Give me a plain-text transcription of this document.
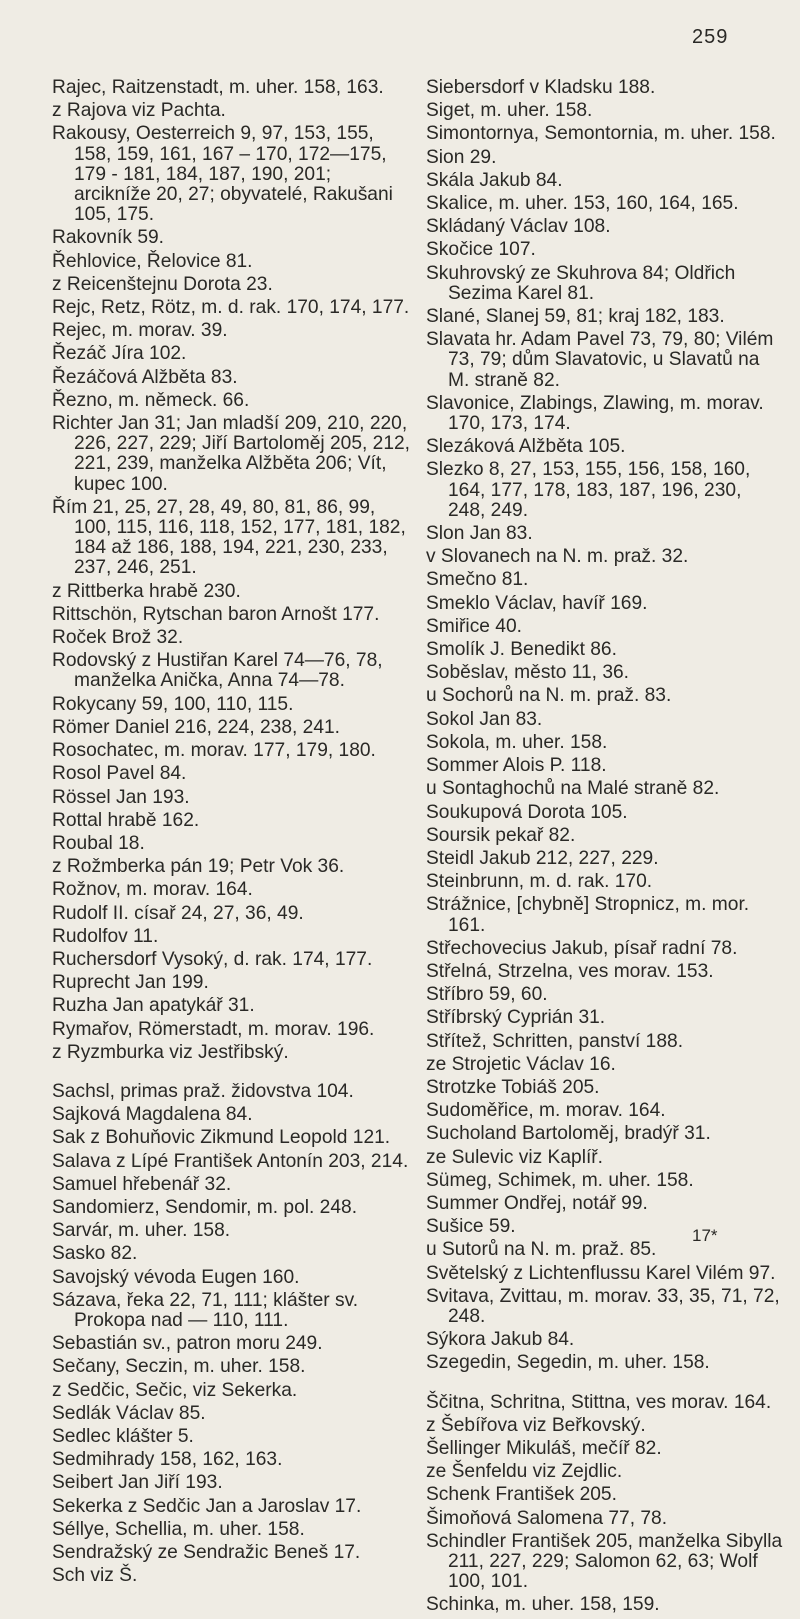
259

Rajec, Raitzenstadt, m. uher. 158, 163.

z Rajova viz Pachta.

Rakousy, Oesterreich 9, 97, 153, 155, 158, 159, 161, 167 – 170, 172—175, 179 - 181, 184, 187, 190, 201; arcikníže 20, 27; obyvatelé, Rakušani 105, 175.

Rakovník 59.

Řehlovice, Řelovice 81.

z Reicenštejnu Dorota 23.

Rejc, Retz, Rötz, m. d. rak. 170, 174, 177.

Rejec, m. morav. 39.

Řezáč Jíra 102.

Řezáčová Alžběta 83.

Řezno, m. německ. 66.

Richter Jan 31; Jan mladší 209, 210, 220, 226, 227, 229; Jiří Bartoloměj 205, 212, 221, 239, manželka Alžběta 206; Vít, kupec 100.

Řím 21, 25, 27, 28, 49, 80, 81, 86, 99, 100, 115, 116, 118, 152, 177, 181, 182, 184 až 186, 188, 194, 221, 230, 233, 237, 246, 251.

z Rittberka hrabě 230.

Rittschön, Rytschan baron Arnošt 177.

Roček Brož 32.

Rodovský z Hustiřan Karel 74—76, 78, manželka Anička, Anna 74—78.

Rokycany 59, 100, 110, 115.

Römer Daniel 216, 224, 238, 241.

Rosochatec, m. morav. 177, 179, 180.

Rosol Pavel 84.

Rössel Jan 193.

Rottal hrabě 162.

Roubal 18.

z Rožmberka pán 19; Petr Vok 36.

Rožnov, m. morav. 164.

Rudolf II. císař 24, 27, 36, 49.

Rudolfov 11.

Ruchersdorf Vysoký, d. rak. 174, 177.

Ruprecht Jan 199.

Ruzha Jan apatykář 31.

Rymařov, Römerstadt, m. morav. 196.

z Ryzmburka viz Jestřibský.

Sachsl, primas praž. židovstva 104.

Sajková Magdalena 84.

Sak z Bohuňovic Zikmund Leopold 121.

Salava z Lípé František Antonín 203, 214.

Samuel hřebenář 32.

Sandomierz, Sendomir, m. pol. 248.

Sarvár, m. uher. 158.

Sasko 82.

Savojský vévoda Eugen 160.

Sázava, řeka 22, 71, 111; klášter sv. Prokopa nad — 110, 111.

Sebastián sv., patron moru 249.

Sečany, Seczin, m. uher. 158.

z Sedčic, Sečic, viz Sekerka.

Sedlák Václav 85.

Sedlec klášter 5.

Sedmihrady 158, 162, 163.

Seibert Jan Jiří 193.

Sekerka z Sedčic Jan a Jaroslav 17.

Séllye, Schellia, m. uher. 158.

Sendražský ze Sendražic Beneš 17.

Sch viz Š.

Siebersdorf v Kladsku 188.

Siget, m. uher. 158.

Simontornya, Semontornia, m. uher. 158.

Sion 29.

Skála Jakub 84.

Skalice, m. uher. 153, 160, 164, 165.

Skládaný Václav 108.

Skočice 107.

Skuhrovský ze Skuhrova 84; Oldřich Sezima Karel 81.

Slané, Slanej 59, 81; kraj 182, 183.

Slavata hr. Adam Pavel 73, 79, 80; Vilém 73, 79; dům Slavatovic, u Slavatů na M. straně 82.

Slavonice, Zlabings, Zlawing, m. morav. 170, 173, 174.

Slezáková Alžběta 105.

Slezko 8, 27, 153, 155, 156, 158, 160, 164, 177, 178, 183, 187, 196, 230, 248, 249.

Slon Jan 83.

v Slovanech na N. m. praž. 32.

Smečno 81.

Smeklo Václav, havíř 169.

Smiřice 40.

Smolík J. Benedikt 86.

Soběslav, město 11, 36.

u Sochorů na N. m. praž. 83.

Sokol Jan 83.

Sokola, m. uher. 158.

Sommer Alois P. 118.

u Sontaghochů na Malé straně 82.

Soukupová Dorota 105.

Soursik pekař 82.

Steidl Jakub 212, 227, 229.

Steinbrunn, m. d. rak. 170.

Strážnice, [chybně] Stropnicz, m. mor. 161.

Střechovecius Jakub, písař radní 78.

Střelná, Strzelna, ves morav. 153.

Stříbro 59, 60.

Stříbrský Cyprián 31.

Střítež, Schritten, panství 188.

ze Strojetic Václav 16.

Strotzke Tobiáš 205.

Sudoměřice, m. morav. 164.

Sucholand Bartoloměj, bradýř 31.

ze Sulevic viz Kaplíř.

Sümeg, Schimek, m. uher. 158.

Summer Ondřej, notář 99.

Sušice 59.

u Sutorů na N. m. praž. 85.

Světelský z Lichtenflussu Karel Vilém 97.

Svitava, Zvittau, m. morav. 33, 35, 71, 72, 248.

Sýkora Jakub 84.

Szegedin, Segedin, m. uher. 158.

Ščitna, Schritna, Stittna, ves morav. 164.

z Šebířova viz Beřkovský.

Šellinger Mikuláš, mečíř 82.

ze Šenfeldu viz Zejdlic.

Schenk František 205.

Šimoňová Salomena 77, 78.

Schindler František 205, manželka Sibylla 211, 227, 229; Salomon 62, 63; Wolf 100, 101.

Schinka, m. uher. 158, 159.

17*
